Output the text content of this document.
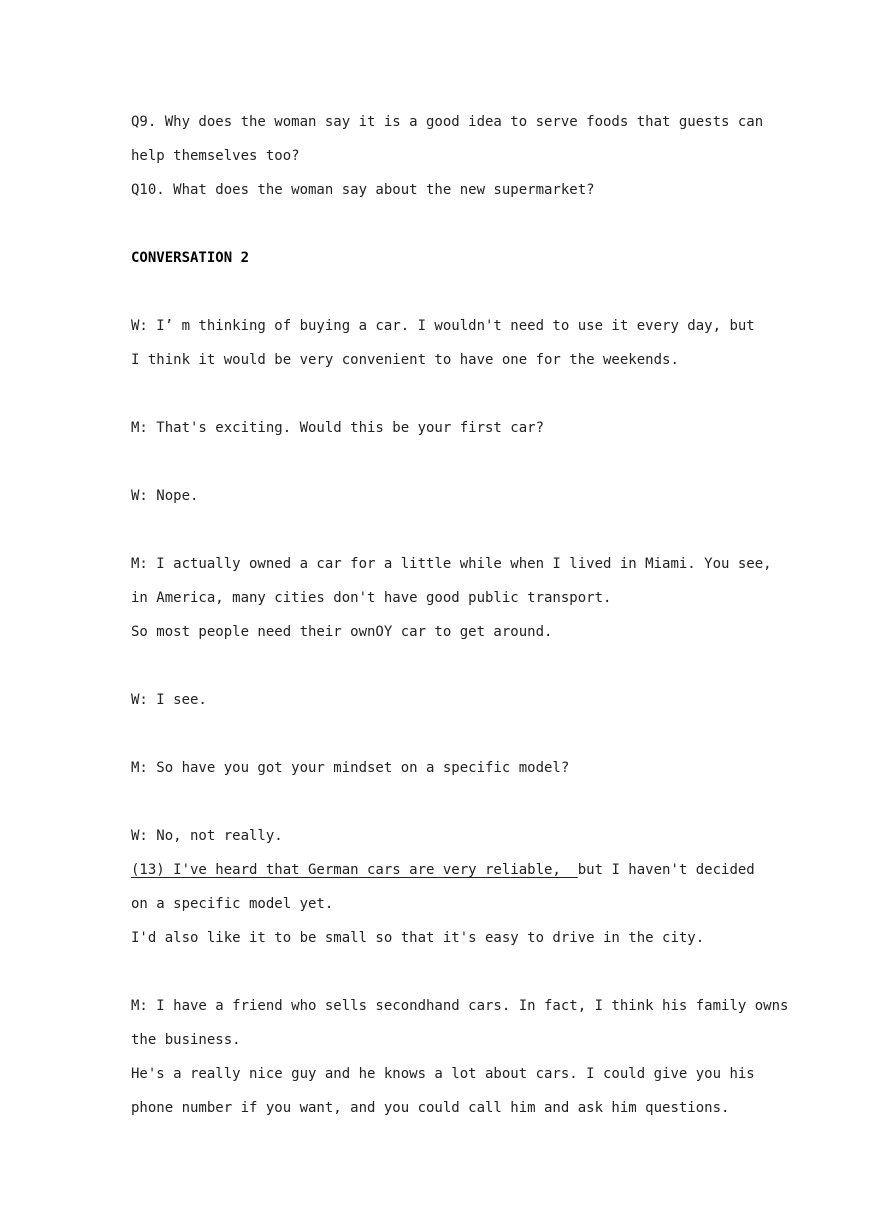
Q9. Why does the woman say it is a good idea to serve foods that guests can
help themselves too?
Q10. What does the woman say about the new supermarket?
CONVERSATION 2
W: I’ m thinking of buying a car. I wouldn't need to use it every day, but
I think it would be very convenient to have one for the weekends.
M: That's exciting. Would this be your first car?
W: Nope.
M: I actually owned a car for a little while when I lived in Miami. You see,
in America, many cities don't have good public transport.
So most people need their ownOY car to get around.
W: I see.
M: So have you got your mindset on a specific model?
W: No, not really.
(13) I've heard that German cars are very reliable,  but I haven't decided
on a specific model yet.
I'd also like it to be small so that it's easy to drive in the city.
M: I have a friend who sells secondhand cars. In fact, I think his family owns
the business.
He's a really nice guy and he knows a lot about cars. I could give you his
phone number if you want, and you could call him and ask him questions.
